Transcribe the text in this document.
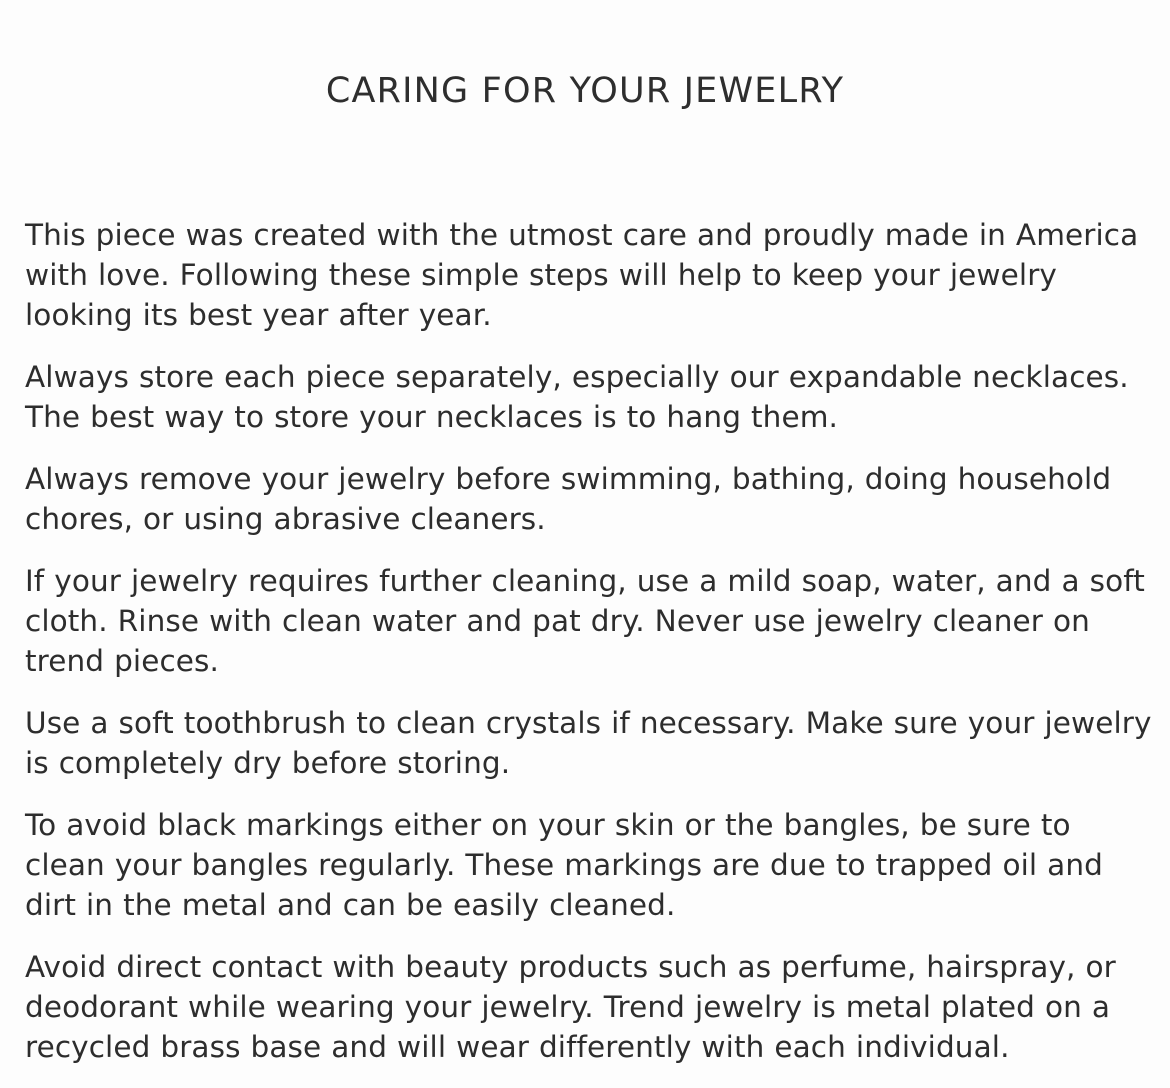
CARING FOR YOUR JEWELRY

This piece was created with the utmost care and proudly made in America with love. Following these simple steps will help to keep your jewelry looking its best year after year.

Always store each piece separately, especially our expandable necklaces. The best way to store your necklaces is to hang them.

Always remove your jewelry before swimming, bathing, doing household chores, or using abrasive cleaners.

If your jewelry requires further cleaning, use a mild soap, water, and a soft cloth. Rinse with clean water and pat dry. Never use jewelry cleaner on trend pieces.

Use a soft toothbrush to clean crystals if necessary. Make sure your jewelry is completely dry before storing.

To avoid black markings either on your skin or the bangles, be sure to clean your bangles regularly. These markings are due to trapped oil and dirt in the metal and can be easily cleaned.

Avoid direct contact with beauty products such as perfume, hairspray, or deodorant while wearing your jewelry. Trend jewelry is metal plated on a recycled brass base and will wear differently with each individual.
